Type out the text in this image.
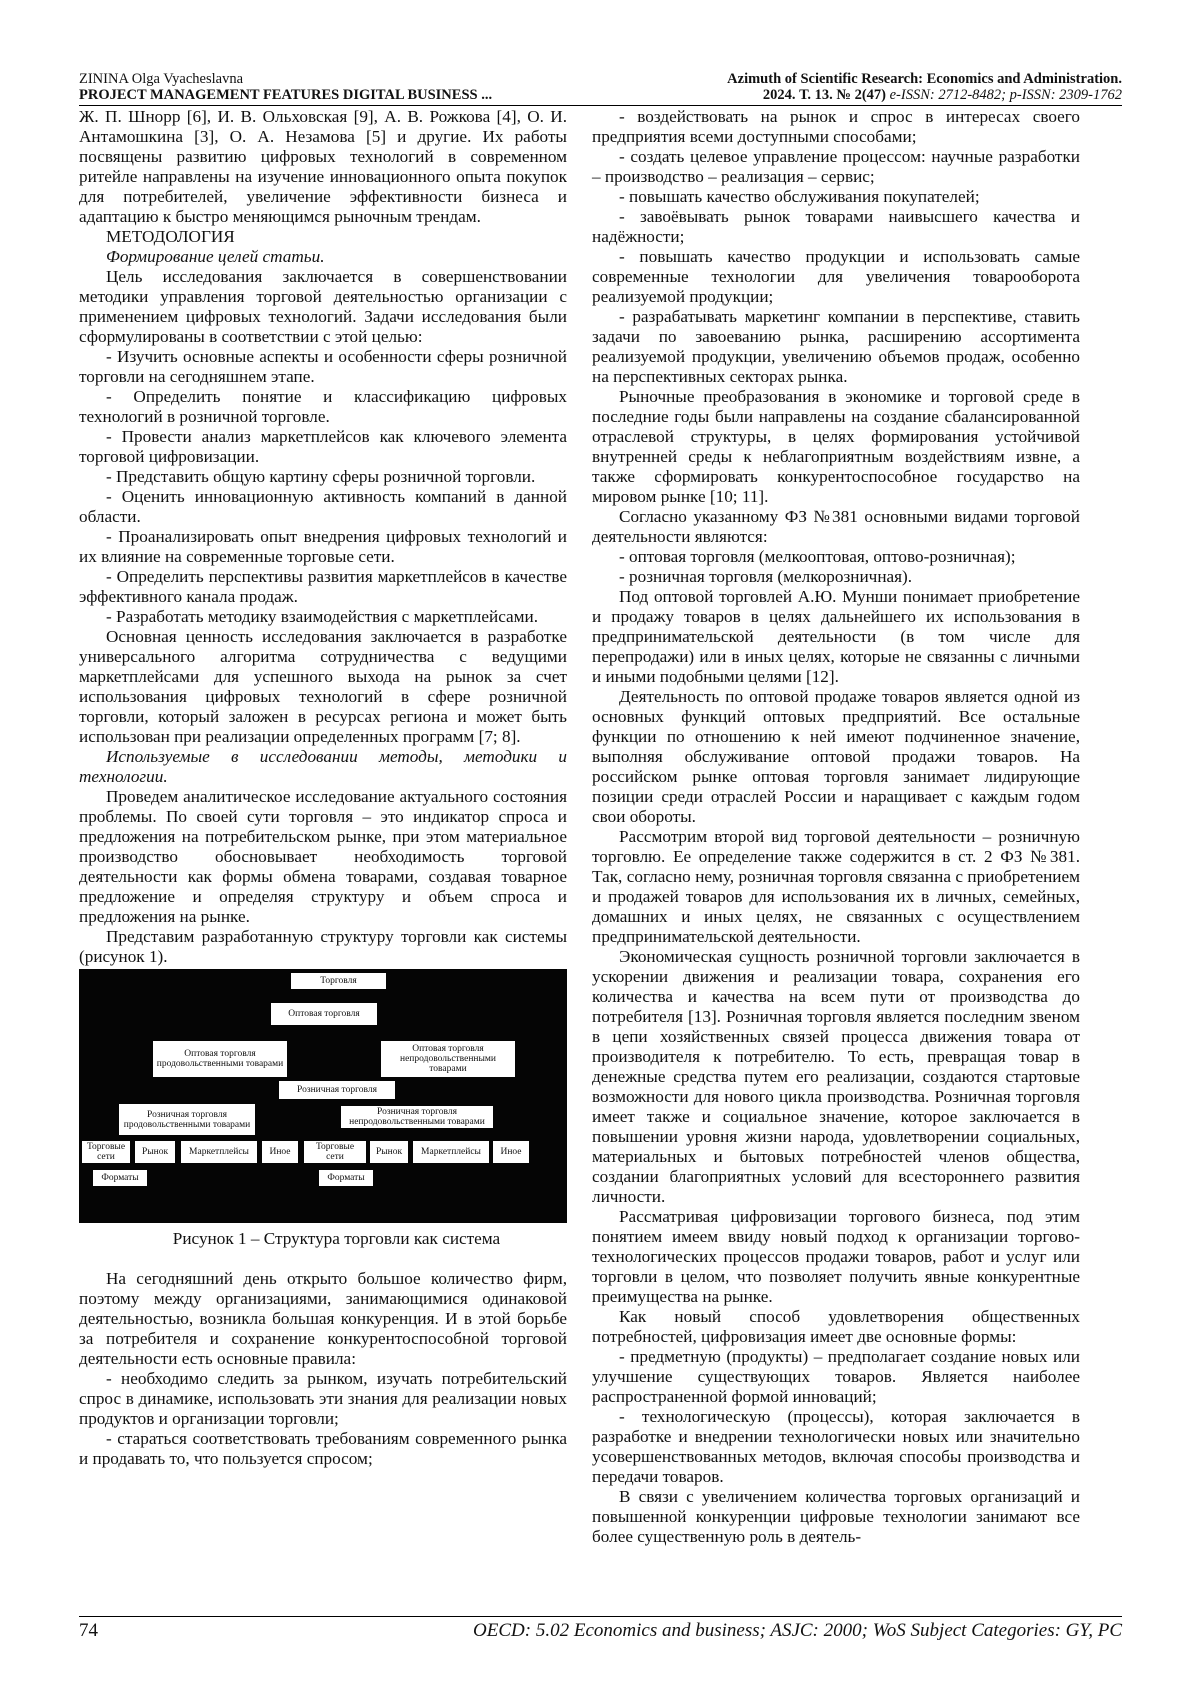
ZININA Olga Vyacheslavna
PROJECT MANAGEMENT FEATURES DIGITAL BUSINESS ...
Azimuth of Scientific Research: Economics and Administration.
2024. Т. 13. № 2(47) e-ISSN: 2712-8482; p-ISSN: 2309-1762

Ж. П. Шнорр [6], И. В. Ольховская [9], А. В. Рожкова [4], О. И. Антамошкина [3], О. А. Незамова [5] и другие. Их работы посвящены развитию цифровых технологий в современном ритейле направлены на изучение инновационного опыта покупок для потребителей, увеличение эффективности бизнеса и адаптацию к быстро меняющимся рыночным трендам.

МЕТОДОЛОГИЯ

Формирование целей статьи.

Цель исследования заключается в совершенствовании методики управления торговой деятельностью организации с применением цифровых технологий. Задачи исследования были сформулированы в соответствии с этой целью:

- Изучить основные аспекты и особенности сферы розничной торговли на сегодняшнем этапе.

- Определить понятие и классификацию цифровых технологий в розничной торговле.

- Провести анализ маркетплейсов как ключевого элемента торговой цифровизации.

- Представить общую картину сферы розничной торговли.

- Оценить инновационную активность компаний в данной области.

- Проанализировать опыт внедрения цифровых технологий и их влияние на современные торговые сети.

- Определить перспективы развития маркетплейсов в качестве эффективного канала продаж.

- Разработать методику взаимодействия с маркетплейсами.

Основная ценность исследования заключается в разработке универсального алгоритма сотрудничества с ведущими маркетплейсами для успешного выхода на рынок за счет использования цифровых технологий в сфере розничной торговли, который заложен в ресурсах региона и может быть использован при реализации определенных программ [7; 8].

Используемые в исследовании методы, методики и технологии.

Проведем аналитическое исследование актуального состояния проблемы. По своей сути торговля – это индикатор спроса и предложения на потребительском рынке, при этом материальное производство обосновывает необходимость торговой деятельности как формы обмена товарами, создавая товарное предложение и определяя структуру и объем спроса и предложения на рынке.

Представим разработанную структуру торговли как системы (рисунок 1).

Торговля
Оптовая торговля
Оптовая торговля продовольственными товарами
Оптовая торговля непродовольственными товарами
Розничная торговля
Розничная торговля продовольственными товарами
Розничная торговля непродовольственными товарами
Торговые сети	Рынок	Маркетплейсы	Иное	Торговые сети	Рынок	Маркетплейсы	Иное
Форматы	Форматы

Рисунок 1 – Структура торговли как система

На сегодняшний день открыто большое количество фирм, поэтому между организациями, занимающимися одинаковой деятельностью, возникла большая конкуренция. И в этой борьбе за потребителя и сохранение конкурентоспособной торговой деятельности есть основные правила:

- необходимо следить за рынком, изучать потребительский спрос в динамике, использовать эти знания для реализации новых продуктов и организации торговли;

- стараться соответствовать требованиям современного рынка и продавать то, что пользуется спросом;

- воздействовать на рынок и спрос в интересах своего предприятия всеми доступными способами;

- создать целевое управление процессом: научные разработки – производство – реализация – сервис;

- повышать качество обслуживания покупателей;

- завоёвывать рынок товарами наивысшего качества и надёжности;

- повышать качество продукции и использовать самые современные технологии для увеличения товарооборота реализуемой продукции;

- разрабатывать маркетинг компании в перспективе, ставить задачи по завоеванию рынка, расширению ассортимента реализуемой продукции, увеличению объемов продаж, особенно на перспективных секторах рынка.

Рыночные преобразования в экономике и торговой среде в последние годы были направлены на создание сбалансированной отраслевой структуры, в целях формирования устойчивой внутренней среды к неблагоприятным воздействиям извне, а также сформировать конкурентоспособное государство на мировом рынке [10; 11].

Согласно указанному ФЗ №381 основными видами торговой деятельности являются:

- оптовая торговля (мелкооптовая, оптово-розничная);

- розничная торговля (мелкорозничная).

Под оптовой торговлей А.Ю. Мунши понимает приобретение и продажу товаров в целях дальнейшего их использования в предпринимательской деятельности (в том числе для перепродажи) или в иных целях, которые не связанны с личными и иными подобными целями [12].

Деятельность по оптовой продаже товаров является одной из основных функций оптовых предприятий. Все остальные функции по отношению к ней имеют подчиненное значение, выполняя обслуживание оптовой продажи товаров. На российском рынке оптовая торговля занимает лидирующие позиции среди отраслей России и наращивает с каждым годом свои обороты.

Рассмотрим второй вид торговой деятельности – розничную торговлю. Ее определение также содержится в ст. 2 ФЗ №381. Так, согласно нему, розничная торговля связанна с приобретением и продажей товаров для использования их в личных, семейных, домашних и иных целях, не связанных с осуществлением предпринимательской деятельности.

Экономическая сущность розничной торговли заключается в ускорении движения и реализации товара, сохранения его количества и качества на всем пути от производства до потребителя [13]. Розничная торговля является последним звеном в цепи хозяйственных связей процесса движения товара от производителя к потребителю. То есть, превращая товар в денежные средства путем его реализации, создаются стартовые возможности для нового цикла производства. Розничная торговля имеет также и социальное значение, которое заключается в повышении уровня жизни народа, удовлетворении социальных, материальных и бытовых потребностей членов общества, создании благоприятных условий для всестороннего развития личности.

Рассматривая цифровизации торгового бизнеса, под этим понятием имеем ввиду новый подход к организации торгово-технологических процессов продажи товаров, работ и услуг или торговли в целом, что позволяет получить явные конкурентные преимущества на рынке.

Как новый способ удовлетворения общественных потребностей, цифровизация имеет две основные формы:

- предметную (продукты) – предполагает создание новых или улучшение существующих товаров. Является наиболее распространенной формой инноваций;

- технологическую (процессы), которая заключается в разработке и внедрении технологически новых или значительно усовершенствованных методов, включая способы производства и передачи товаров.

В связи с увеличением количества торговых организаций и повышенной конкуренции цифровые технологии занимают все более существенную роль в деятель-

74	OECD: 5.02 Economics and business; ASJC: 2000; WoS Subject Categories: GY, PC
